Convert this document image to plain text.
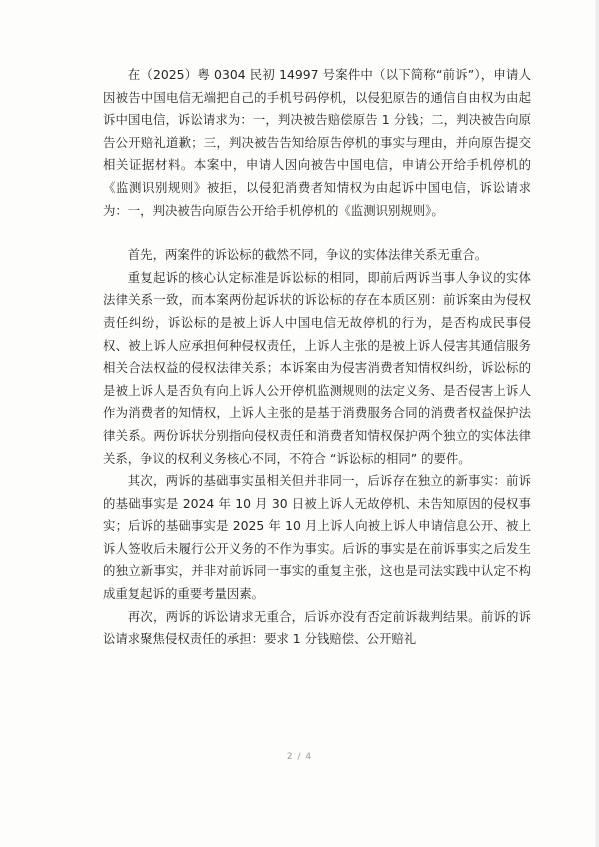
在（2025）粤 0304 民初 14997 号案件中（以下简称“前诉”），申请人因被告中国电信无端把自己的手机号码停机，以侵犯原告的通信自由权为由起诉中国电信，诉讼请求为：一，判决被告赔偿原告 1 分钱；二，判决被告向原告公开赔礼道歉；三，判决被告告知给原告停机的事实与理由，并向原告提交相关证据材料。本案中，申请人因向被告中国电信，申请公开给手机停机的《监测识别规则》被拒，以侵犯消费者知情权为由起诉中国电信，诉讼请求为：一，判决被告向原告公开给手机停机的《监测识别规则》。

首先，两案件的诉讼标的截然不同，争议的实体法律关系无重合。

重复起诉的核心认定标准是诉讼标的相同，即前后两诉当事人争议的实体法律关系一致，而本案两份起诉状的诉讼标的存在本质区别：前诉案由为侵权责任纠纷，诉讼标的是被上诉人中国电信无故停机的行为，是否构成民事侵权、被上诉人应承担何种侵权责任，上诉人主张的是被上诉人侵害其通信服务相关合法权益的侵权法律关系；本诉案由为侵害消费者知情权纠纷，诉讼标的是被上诉人是否负有向上诉人公开停机监测规则的法定义务、是否侵害上诉人作为消费者的知情权，上诉人主张的是基于消费服务合同的消费者权益保护法律关系。两份诉状分别指向侵权责任和消费者知情权保护两个独立的实体法律关系，争议的权利义务核心不同，不符合 “诉讼标的相同” 的要件。

其次，两诉的基础事实虽相关但并非同一，后诉存在独立的新事实：前诉的基础事实是 2024 年 10 月 30 日被上诉人无故停机、未告知原因的侵权事实；后诉的基础事实是 2025 年 10 月上诉人向被上诉人申请信息公开、被上诉人签收后未履行公开义务的不作为事实。后诉的事实是在前诉事实之后发生的独立新事实，并非对前诉同一事实的重复主张，这也是司法实践中认定不构成重复起诉的重要考量因素。

再次，两诉的诉讼请求无重合，后诉亦没有否定前诉裁判结果。前诉的诉讼请求聚焦侵权责任的承担：要求 1 分钱赔偿、公开赔礼

2 / 4
